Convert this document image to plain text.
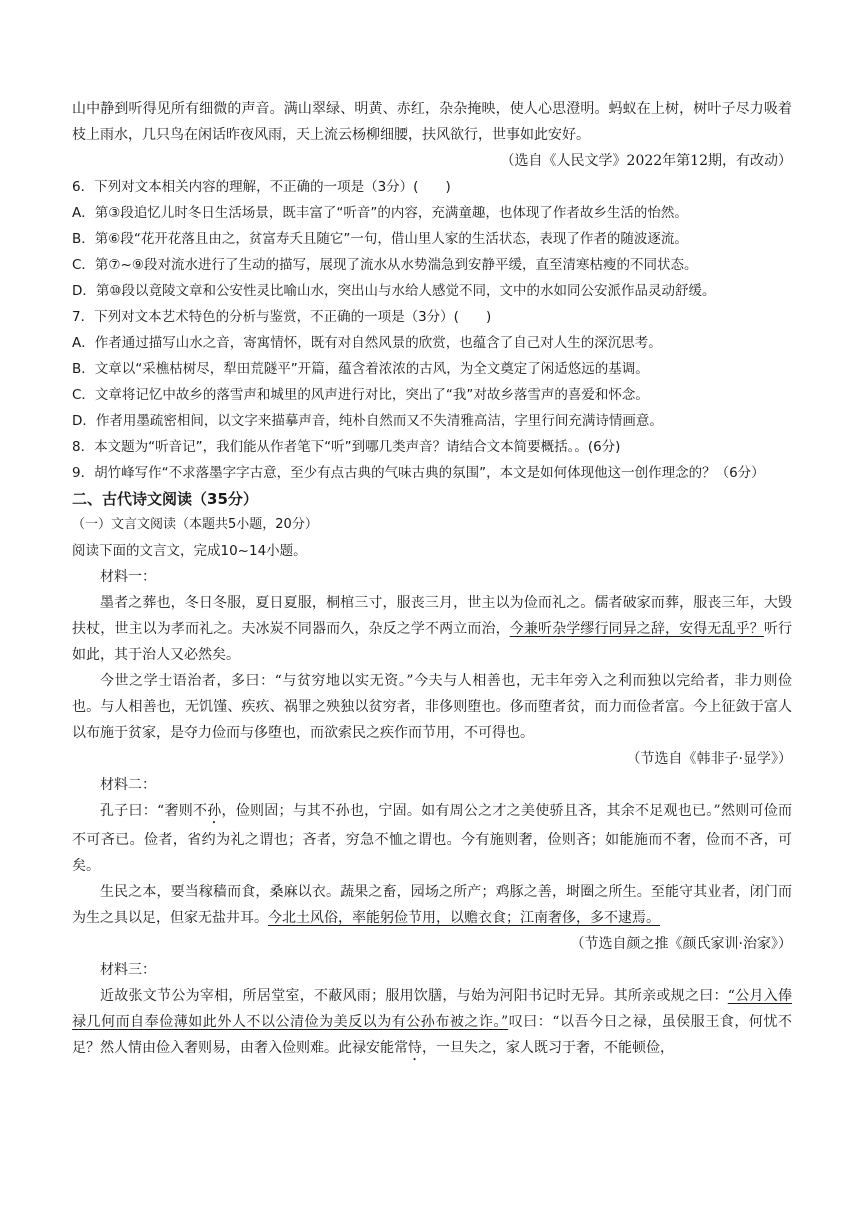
山中静到听得见所有细微的声音。满山翠绿、明黄、赤红，杂杂掩映，使人心思澄明。蚂蚁在上树，树叶子尽力吸着枝上雨水，几只鸟在闲话昨夜风雨，天上流云杨柳细腰，扶风欲行，世事如此安好。

（选自《人民文学》2022年第12期，有改动）

6．下列对文本相关内容的理解，不正确的一项是（3分）(　　)

A．第③段追忆儿时冬日生活场景，既丰富了“听音”的内容，充满童趣，也体现了作者故乡生活的怡然。

B．第⑥段“花开花落且由之，贫富寿夭且随它”一句，借山里人家的生活状态，表现了作者的随波逐流。

C．第⑦~⑨段对流水进行了生动的描写，展现了流水从水势湍急到安静平缓，直至清寒枯瘦的不同状态。

D．第⑩段以竟陵文章和公安性灵比喻山水，突出山与水给人感觉不同，文中的水如同公安派作品灵动舒缓。

7．下列对文本艺术特色的分析与鉴赏，不正确的一项是（3分）(　　)

A．作者通过描写山水之音，寄寓情怀，既有对自然风景的欣赏，也蕴含了自己对人生的深沉思考。

B．文章以“采樵枯树尽，犁田荒隧平”开篇，蕴含着浓浓的古风，为全文奠定了闲适悠远的基调。

C．文章将记忆中故乡的落雪声和城里的风声进行对比，突出了“我”对故乡落雪声的喜爱和怀念。

D．作者用墨疏密相间，以文字来描摹声音，纯朴自然而又不失清雅高洁，字里行间充满诗情画意。

8．本文题为“听音记”，我们能从作者笔下“听”到哪几类声音？请结合文本简要概括。。(6分)

9．胡竹峰写作“不求落墨字字古意，至少有点古典的气味古典的氛围”，本文是如何体现他这一创作理念的？（6分）

二、古代诗文阅读（35分）

（一）文言文阅读（本题共5小题，20分）

阅读下面的文言文，完成10~14小题。

材料一：

墨者之葬也，冬日冬服，夏日夏服，桐棺三寸，服丧三月，世主以为俭而礼之。儒者破家而葬，服丧三年，大毁扶杖，世主以为孝而礼之。夫冰炭不同器而久，杂反之学不两立而治，今兼听杂学缪行同异之辞，安得无乱乎？听行如此，其于治人又必然矣。

今世之学士语治者，多曰：“与贫穷地以实无资。”今夫与人相善也，无丰年旁入之利而独以完给者，非力则俭也。与人相善也，无饥馑、疾疚、祸罪之殃独以贫穷者，非侈则堕也。侈而堕者贫，而力而俭者富。今上征敛于富人以布施于贫家，是夺力俭而与侈堕也，而欲索民之疾作而节用，不可得也。

（节选自《韩非子·显学》）

材料二：

孔子曰：“奢则不孙，俭则固；与其不孙也，宁固。如有周公之才之美使骄且吝，其余不足观也已。”然则可俭而不可吝已。俭者，省约为礼之谓也；吝者，穷急不恤之谓也。今有施则奢，俭则吝；如能施而不奢，俭而不吝，可矣。

生民之本，要当稼穑而食，桑麻以衣。蔬果之畜，园场之所产；鸡豚之善，埘圈之所生。至能守其业者，闭门而为生之具以足，但家无盐井耳。今北土风俗，率能躬俭节用，以赡衣食；江南奢侈，多不逮焉。

（节选自颜之推《颜氏家训·治家》）

材料三：

近故张文节公为宰相，所居堂室，不蔽风雨；服用饮膳，与始为河阳书记时无异。其所亲或规之曰：“公月入俸禄几何而自奉俭薄如此外人不以公清俭为美反以为有公孙布被之诈。”叹曰：“以吾今日之禄，虽侯服王食，何忧不足？然人情由俭入奢则易，由奢入俭则难。此禄安能常恃，一旦失之，家人既习于奢，不能顿俭，
